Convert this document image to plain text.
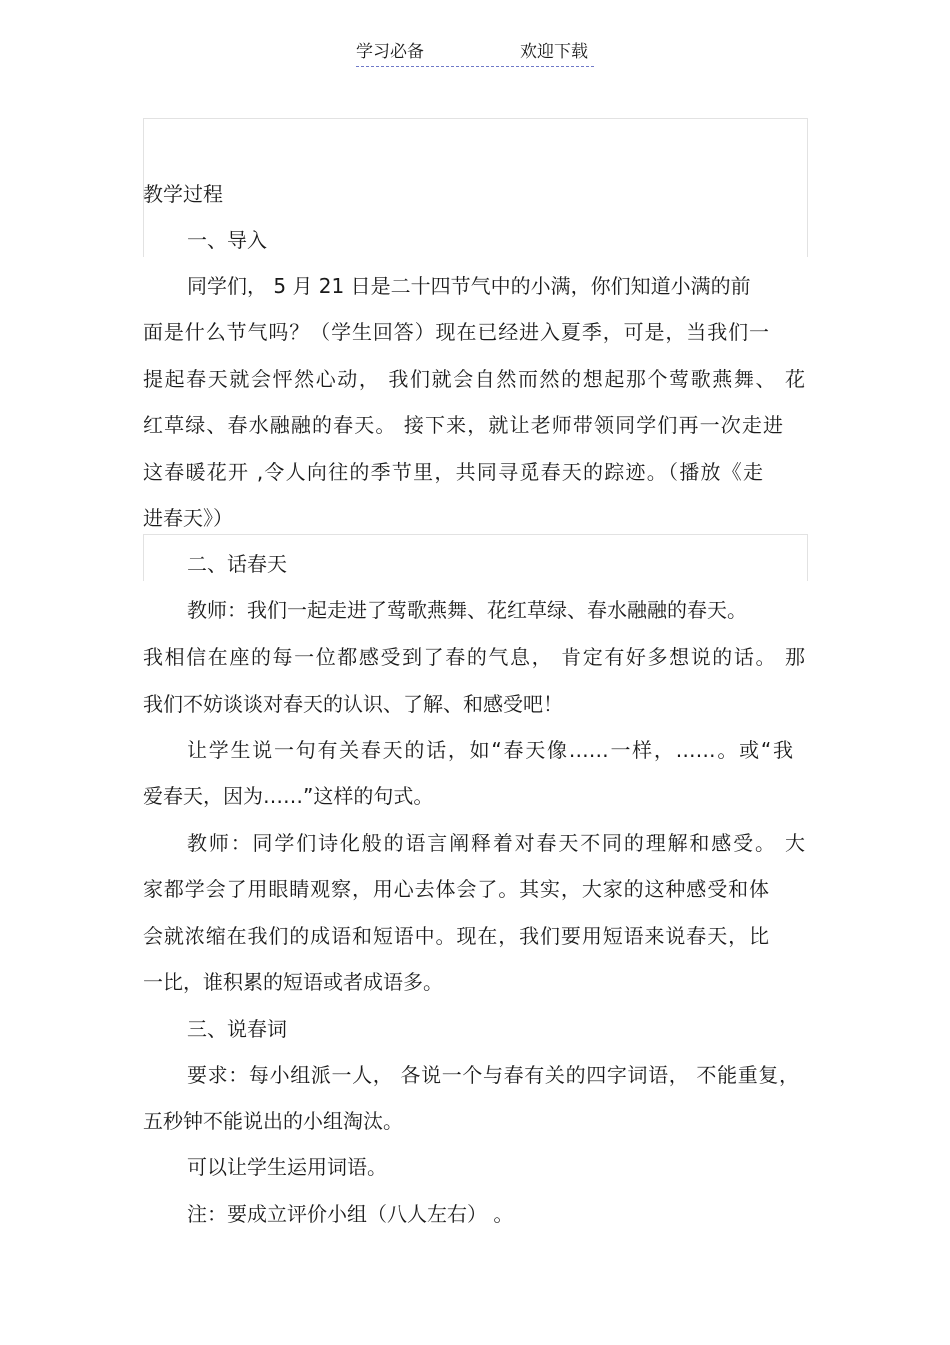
学习必备	欢迎下载
教学过程
一、导入
同学们， 5 月 21 日是二十四节气中的小满，你们知道小满的前
面是什么节气吗？（学生回答）现在已经进入夏季，可是，当我们一
提起春天就会怦然心动， 我们就会自然而然的想起那个莺歌燕舞、 花
红草绿、春水融融的春天。 接下来，就让老师带领同学们再一次走进
这春暖花开 ,令人向往的季节里，共同寻觅春天的踪迹。（播放《走
进春天》）
二、话春天
教师：我们一起走进了莺歌燕舞、花红草绿、春水融融的春天。
我相信在座的每一位都感受到了春的气息， 肯定有好多想说的话。 那
我们不妨谈谈对春天的认识、了解、和感受吧！
让学生说一句有关春天的话，如“春天像……一样，……。或“我
爱春天，因为……”这样的句式。
教师：同学们诗化般的语言阐释着对春天不同的理解和感受。 大
家都学会了用眼睛观察，用心去体会了。其实，大家的这种感受和体
会就浓缩在我们的成语和短语中。现在，我们要用短语来说春天，比
一比，谁积累的短语或者成语多。
三、说春词
要求：每小组派一人， 各说一个与春有关的四字词语， 不能重复，
五秒钟不能说出的小组淘汰。
可以让学生运用词语。
注：要成立评价小组（八人左右） 。
